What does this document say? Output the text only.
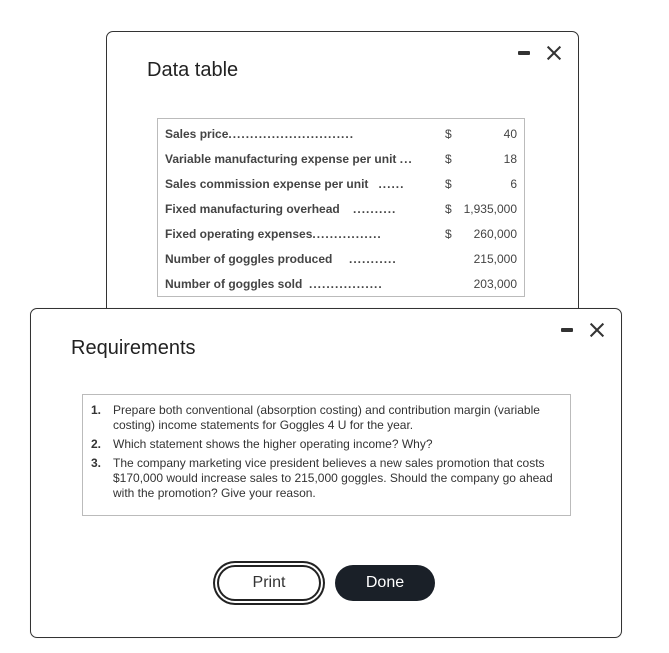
Data table
Sales price.............................	$	40
Variable manufacturing expense per unit ...	$	18
Sales commission expense per unit ......	$	6
Fixed manufacturing overhead ..........	$	1,935,000
Fixed operating expenses................	$	260,000
Number of goggles produced ...........		215,000
Number of goggles sold .................		203,000
Requirements
1. Prepare both conventional (absorption costing) and contribution margin (variable costing) income statements for Goggles 4 U for the year.
2. Which statement shows the higher operating income? Why?
3. The company marketing vice president believes a new sales promotion that costs $170,000 would increase sales to 215,000 goggles. Should the company go ahead with the promotion? Give your reason.
Print	Done
